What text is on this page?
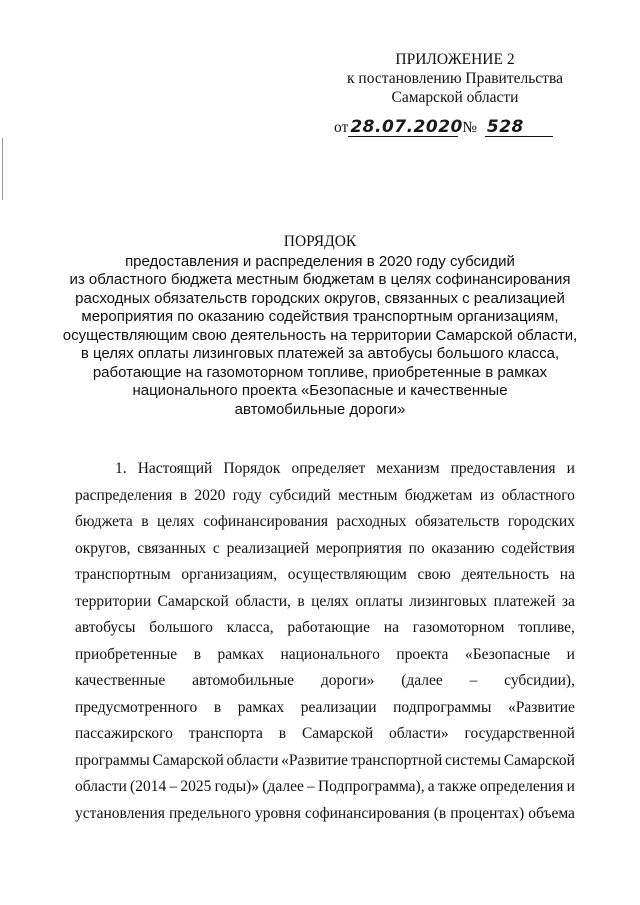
ПРИЛОЖЕНИЕ 2
к постановлению Правительства
Самарской области
от 28.07.2020 № 528
ПОРЯДОК
предоставления и распределения в 2020 году субсидий
из областного бюджета местным бюджетам в целях софинансирования
расходных обязательств городских округов, связанных с реализацией
мероприятия по оказанию содействия транспортным организациям,
осуществляющим свою деятельность на территории Самарской области,
в целях оплаты лизинговых платежей за автобусы большого класса,
работающие на газомоторном топливе, приобретенные в рамках
национального проекта «Безопасные и качественные
автомобильные дороги»
1. Настоящий Порядок определяет механизм предоставления и
распределения в 2020 году субсидий местным бюджетам из областного
бюджета в целях софинансирования расходных обязательств городских
округов, связанных с реализацией мероприятия по оказанию содействия
транспортным организациям, осуществляющим свою деятельность на
территории Самарской области, в целях оплаты лизинговых платежей за
автобусы большого класса, работающие на газомоторном топливе,
приобретенные в рамках национального проекта «Безопасные и
качественные автомобильные дороги» (далее – субсидии),
предусмотренного в рамках реализации подпрограммы «Развитие
пассажирского транспорта в Самарской области» государственной
программы Самарской области «Развитие транспортной системы Самарской
области (2014 – 2025 годы)» (далее – Подпрограмма), а также определения и
установления предельного уровня софинансирования (в процентах) объема
